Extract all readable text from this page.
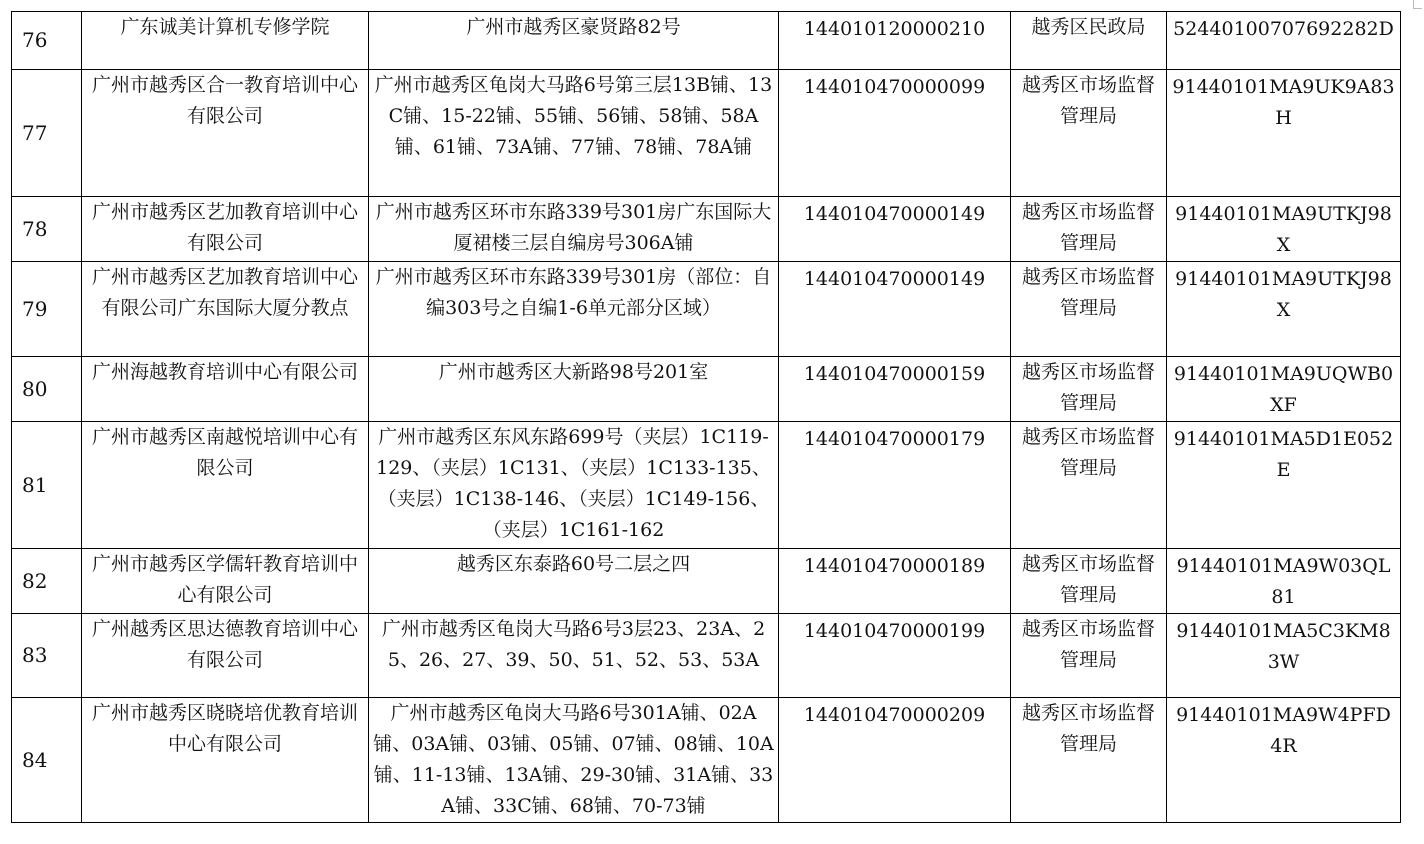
76	广东诚美计算机专修学院	广州市越秀区豪贤路82号	144010120000210	越秀区民政局	52440100707692282D
77	广州市越秀区合一教育培训中心有限公司	广州市越秀区龟岗大马路6号第三层13B铺、13C铺、15-22铺、55铺、56铺、58铺、58A铺、61铺、73A铺、77铺、78铺、78A铺	144010470000099	越秀区市场监督管理局	91440101MA9UK9A83H
78	广州市越秀区艺加教育培训中心有限公司	广州市越秀区环市东路339号301房广东国际大厦裙楼三层自编房号306A铺	144010470000149	越秀区市场监督管理局	91440101MA9UTKJ98X
79	广州市越秀区艺加教育培训中心有限公司广东国际大厦分教点	广州市越秀区环市东路339号301房（部位：自编303号之自编1-6单元部分区域）	144010470000149	越秀区市场监督管理局	91440101MA9UTKJ98X
80	广州海越教育培训中心有限公司	广州市越秀区大新路98号201室	144010470000159	越秀区市场监督管理局	91440101MA9UQWB0XF
81	广州市越秀区南越悦培训中心有限公司	广州市越秀区东风东路699号（夹层）1C119-129、（夹层）1C131、（夹层）1C133-135、（夹层）1C138-146、（夹层）1C149-156、（夹层）1C161-162	144010470000179	越秀区市场监督管理局	91440101MA5D1E052E
82	广州市越秀区学儒轩教育培训中心有限公司	越秀区东泰路60号二层之四	144010470000189	越秀区市场监督管理局	91440101MA9W03QL81
83	广州越秀区思达德教育培训中心有限公司	广州市越秀区龟岗大马路6号3层23、23A、25、26、27、39、50、51、52、53、53A	144010470000199	越秀区市场监督管理局	91440101MA5C3KM83W
84	广州市越秀区晓晓培优教育培训中心有限公司	广州市越秀区龟岗大马路6号301A铺、02A铺、03A铺、03铺、05铺、07铺、08铺、10A铺、11-13铺、13A铺、29-30铺、31A铺、33A铺、33C铺、68铺、70-73铺	144010470000209	越秀区市场监督管理局	91440101MA9W4PFD4R
